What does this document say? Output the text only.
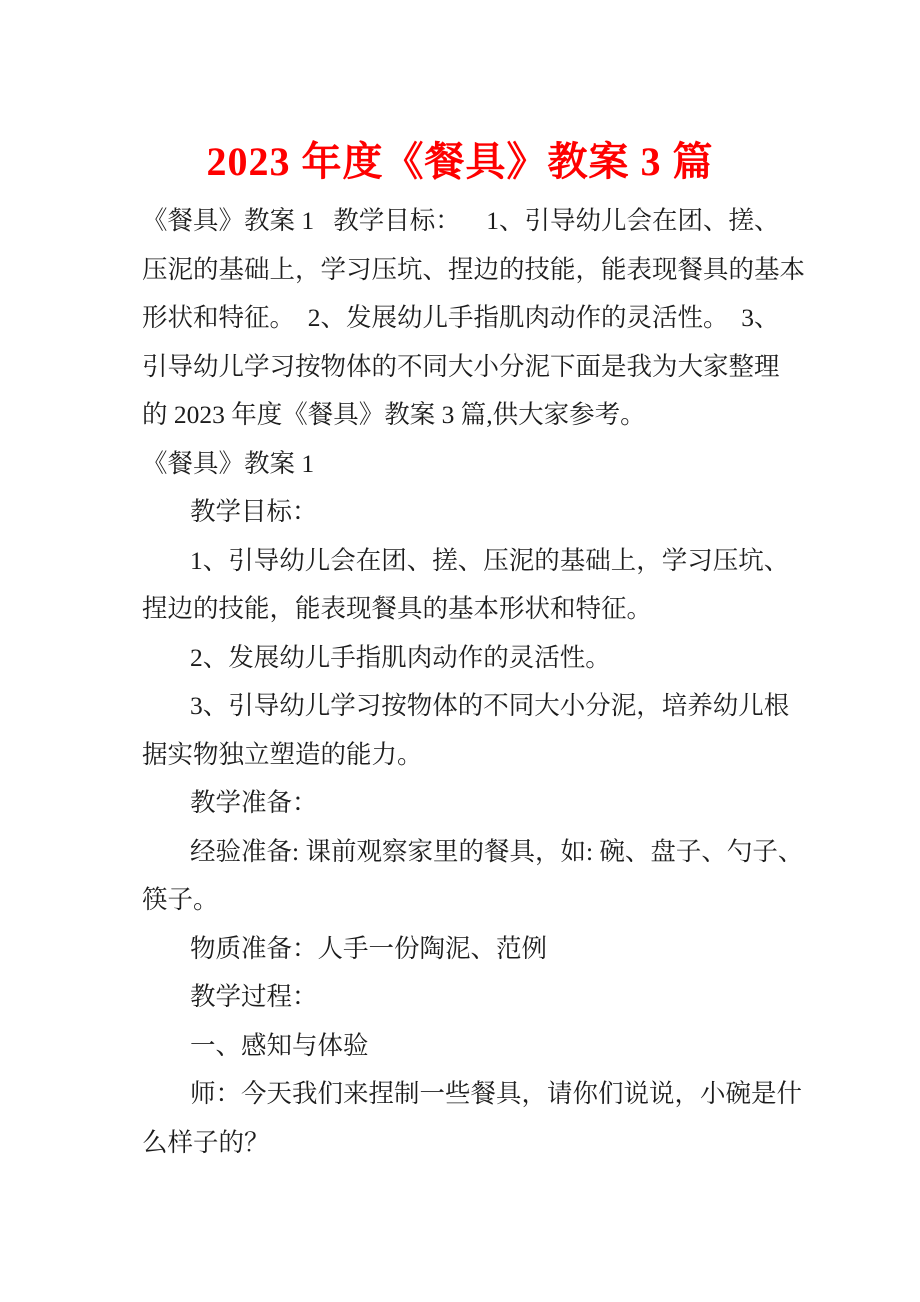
2023 年度《餐具》教案 3 篇
《餐具》教案 1   教学目标：    1、引导幼儿会在团、搓、
压泥的基础上，学习压坑、捏边的技能，能表现餐具的基本
形状和特征。  2、发展幼儿手指肌肉动作的灵活性。  3、
引导幼儿学习按物体的不同大小分泥下面是我为大家整理
的 2023 年度《餐具》教案 3 篇,供大家参考。
《餐具》教案 1
教学目标：
1、引导幼儿会在团、搓、压泥的基础上，学习压坑、
捏边的技能，能表现餐具的基本形状和特征。
2、发展幼儿手指肌肉动作的灵活性。
3、引导幼儿学习按物体的不同大小分泥，培养幼儿根
据实物独立塑造的能力。
教学准备：
经验准备: 课前观察家里的餐具，如: 碗、盘子、勺子、
筷子。
物质准备：人手一份陶泥、范例
教学过程：
一、感知与体验
师：今天我们来捏制一些餐具，请你们说说，小碗是什
么样子的？
